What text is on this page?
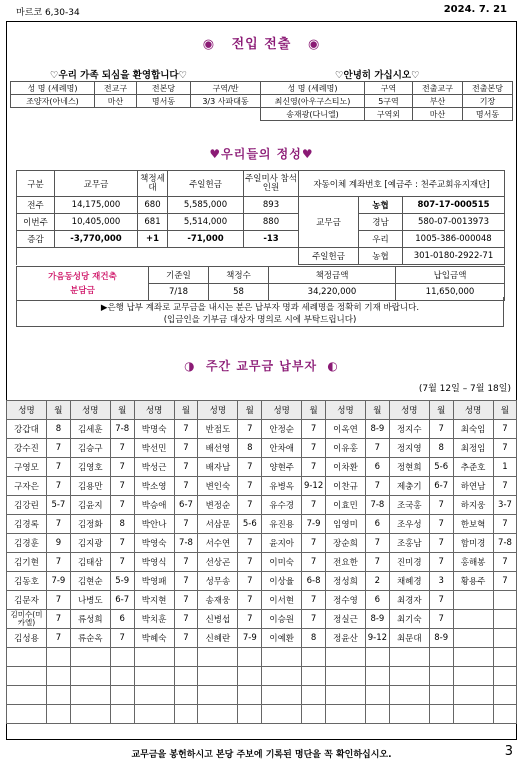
마르코 6,30-34	2024. 7. 21
◉ 전입 전출 ◉
♡우리 가족 되심을 환영합니다♡	♡안녕히 가십시오♡
성 명 (세례명)	전교구	전본당	구역/반	성 명 (세례명)	구역	전출교구	전출본당
조양자(아네스)	마산	명서동	3/3 사파대동	최신영(아우구스티노)	5구역	부산	기장
				송재광(다니엘)	구역외	마산	명서동
♥우리들의 정성♥
구분	교무금	책정세대	주일헌금	주일미사 참석인원	자동이체 계좌번호 [예금주 : 천주교회유지재단]		
전주	14,175,000	680	5,585,000	893	교무금	농협	807-17-000515
이번주	10,405,000	681	5,514,000	880		경남	580-07-0013973
증감	-3,770,000	+1	-71,000	-13		우리	1005-386-000048
					주일헌금	농협	301-0180-2922-71
가음동성당 재건축
분담금	기준일	책정수	책정금액	납입금액
	7/18	58	34,220,000	11,650,000
▶은행 납부 계좌로 교무금을 내시는 분은 납부자 명과 세례명을 정확히 기재 바랍니다.
(입금인을 기부금 대상자 명의로 시에 부탁드립니다)
◑ 주간 교무금 납부자 ◐
(7월 12일 – 7월 18일)
성명	월	성명	월	성명	월	성명	월	성명	월	성명	월	성명	월	성명	월
강갑대	8	김세훈	7-8	박명숙	7	반점도	7	안정순	7	이옥연	8-9	정지수	7	최숙임	7
강수진	7	김승구	7	박선민	7	배선영	8	안차애	7	이유홍	7	정지영	8	최정임	7
구영모	7	김영호	7	박성근	7	배자남	7	양현주	7	이차환	6	정현희	5-6	추준호	1
구자은	7	김용만	7	박소영	7	변인숙	7	유병옥	9-12	이찬규	7	제충기	6-7	하연남	7
김강린	5-7	김윤지	7	박승애	6-7	변정순	7	유수경	7	이효민	7-8	조국홍	7	하지웅	3-7
김경록	7	김정화	8	박안나	7	서삼문	5-6	유진용	7-9	임영미	6	조우성	7	한보혁	7
김경훈	9	김지광	7	박영숙	7-8	서수연	7	윤지아	7	장순희	7	조홍남	7	함미경	7-8
김기현	7	김태삼	7	박영식	7	선상곤	7	이미숙	7	전요한	7	진미경	7	홍해봉	7
김동호	7-9	김현순	5-9	박영패	7	성무송	7	이상율	6-8	정성희	2	채혜경	3	황용주	7
김문자	7	나병도	6-7	박지현	7	송재웅	7	이서현	7	정수영	6	최경자	7		
김미수(미카엘)	7	류성희	6	박치훈	7	신병섭	7	이승원	7	정실근	8-9	최기숙	7		
김성용	7	류순옥	7	박혜숙	7	신혜란	7-9	이예환	8	정윤산	9-12	최문대	8-9		

교무금을 봉헌하시고 본당 주보에 기록된 명단을 꼭 확인하십시오.	3
